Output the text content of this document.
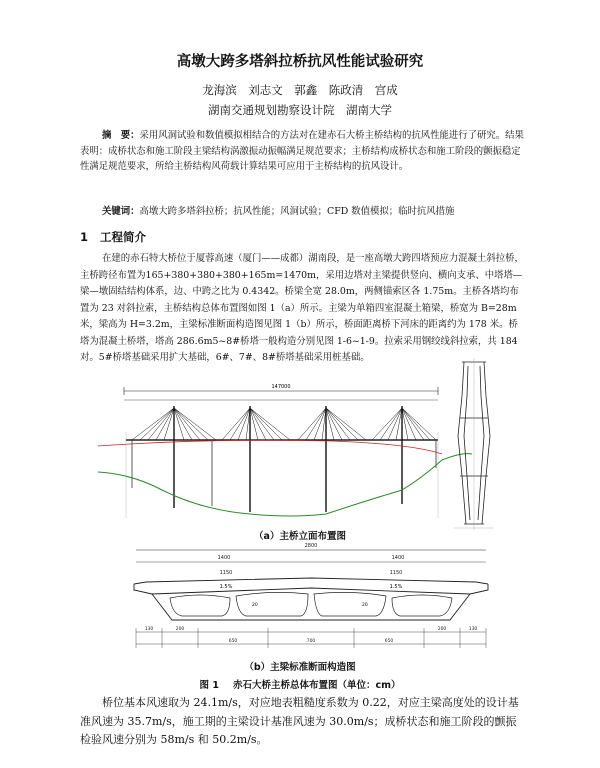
高墩大跨多塔斜拉桥抗风性能试验研究
龙海滨　刘志文　郭鑫　陈政清　宫成
湖南交通规划勘察设计院　湖南大学
摘　要：采用风洞试验和数值模拟相结合的方法对在建赤石大桥主桥结构的抗风性能进行了研究。结果表明：成桥状态和施工阶段主梁结构涡激振动振幅满足规范要求；主桥结构成桥状态和施工阶段的颤振稳定性满足规范要求，所给主桥结构风荷载计算结果可应用于主桥结构的抗风设计。
关键词：高墩大跨多塔斜拉桥；抗风性能；风洞试验；CFD 数值模拟；临时抗风措施
1 工程简介
在建的赤石特大桥位于厦蓉高速（厦门——成都）湖南段，是一座高墩大跨四塔预应力混凝土斜拉桥，主桥跨径布置为165+380+380+380+165m=1470m，采用边塔对主梁提供竖向、横向支承、中塔塔—梁—墩固结结构体系，边、中跨之比为 0.4342。桥梁全宽 28.0m，两侧锚索区各 1.75m。主桥各塔均布置为 23 对斜拉索，主桥结构总体布置图如图 1（a）所示。主梁为单箱四室混凝土箱梁，桥宽为 B=28m 米，梁高为 H=3.2m，主梁标准断面构造图见图 1（b）所示，桥面距离桥下河床的距离约为 178 米。桥塔为混凝土桥塔，塔高 286.6m5~8#桥塔一般构造分别见图 1-6~1-9。拉索采用钢绞线斜拉索，共 184 对。5#桥塔基础采用扩大基础，6#、7#、8#桥塔基础采用桩基础。
147000
（a）主桥立面布置图
2800
1400	1400
1150	1150
1.5%	1.5%
20	20
130	200
650	700	650
200	130
（b）主梁标准断面构造图
图 1 赤石大桥主桥总体布置图（单位：cm）
桥位基本风速取为 24.1m/s，对应地表粗糙度系数为 0.22，对应主梁高度处的设计基准风速为 35.7m/s，施工期的主梁设计基准风速为 30.0m/s；成桥状态和施工阶段的颤振检验风速分别为 58m/s 和 50.2m/s。
